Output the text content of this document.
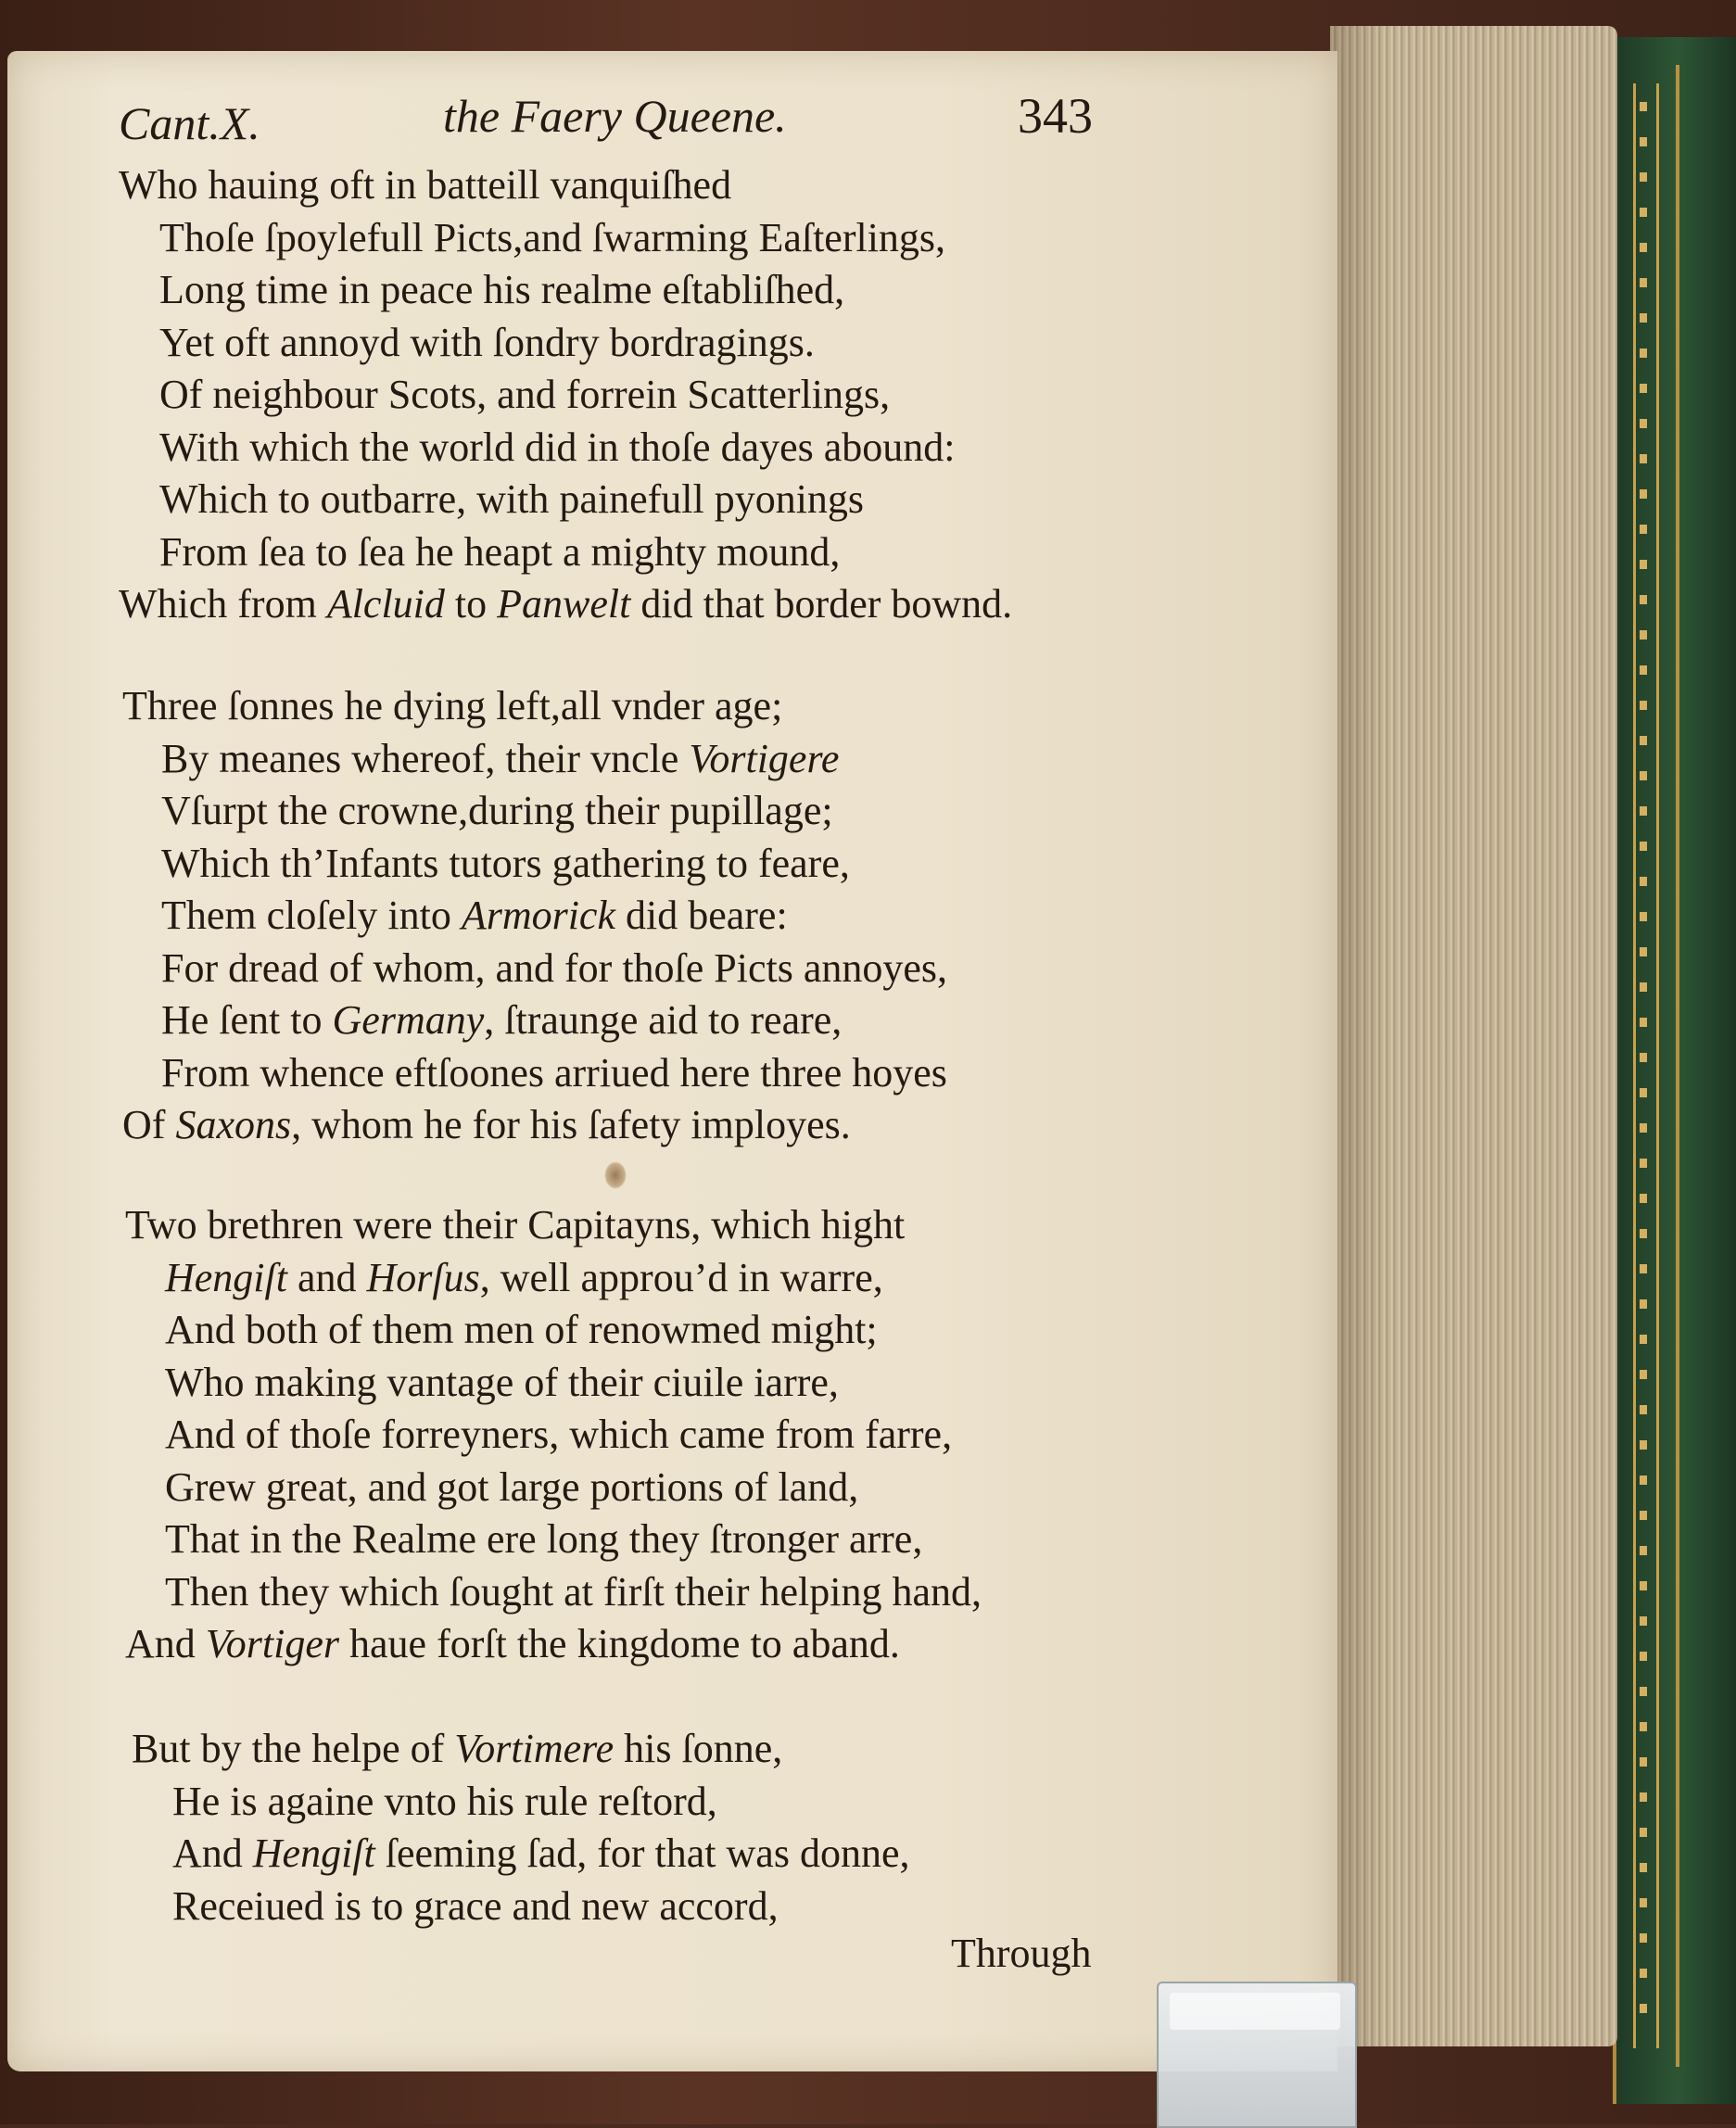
Cant.X.	the Faery Queene.	343
Who hauing oft in batteill vanquiſhed
Thoſe ſpoylefull Picts,and ſwarming Eaſterlings,
Long time in peace his realme eſtabliſhed,
Yet oft annoyd with ſondry bordragings.
Of neighbour Scots, and forrein Scatterlings,
With which the world did in thoſe dayes abound:
Which to outbarre, with painefull pyonings
From ſea to ſea he heapt a mighty mound,
Which from Alcluid to Panwelt did that border bownd.
Three ſonnes he dying left,all vnder age;
By meanes whereof, their vncle Vortigere
Vſurpt the crowne,during their pupillage;
Which th’Infants tutors gathering to feare,
Them cloſely into Armorick did beare:
For dread of whom, and for thoſe Picts annoyes,
He ſent to Germany, ſtraunge aid to reare,
From whence eftſoones arriued here three hoyes
Of Saxons, whom he for his ſafety imployes.
Two brethren were their Capitayns, which hight
Hengiſt and Horſus, well approu’d in warre,
And both of them men of renowmed might;
Who making vantage of their ciuile iarre,
And of thoſe forreyners, which came from farre,
Grew great, and got large portions of land,
That in the Realme ere long they ſtronger arre,
Then they which ſought at firſt their helping hand,
And Vortiger haue forſt the kingdome to aband.
But by the helpe of Vortimere his ſonne,
He is againe vnto his rule reſtord,
And Hengiſt ſeeming ſad, for that was donne,
Receiued is to grace and new accord,
Through
